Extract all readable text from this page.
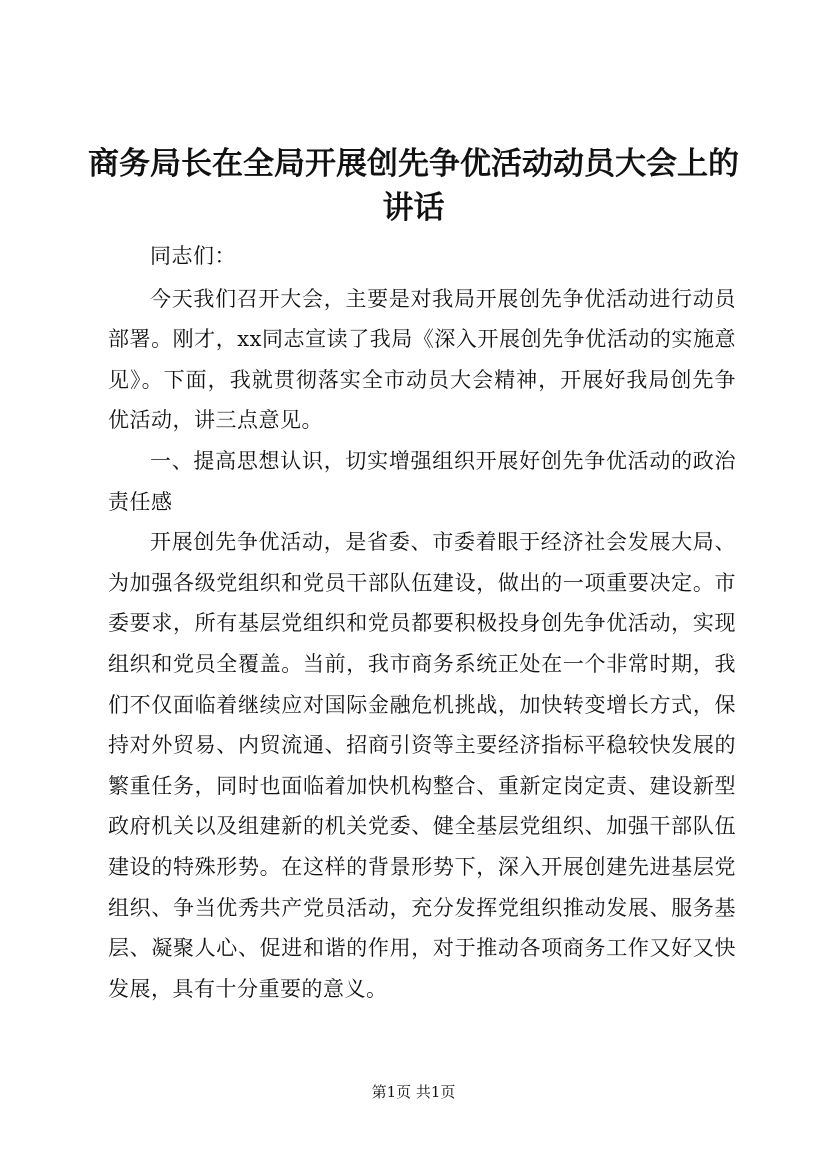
商务局长在全局开展创先争优活动动员大会上的讲话

同志们：

今天我们召开大会，主要是对我局开展创先争优活动进行动员部署。刚才，xx同志宣读了我局《深入开展创先争优活动的实施意见》。下面，我就贯彻落实全市动员大会精神，开展好我局创先争优活动，讲三点意见。

一、提高思想认识，切实增强组织开展好创先争优活动的政治责任感

开展创先争优活动，是省委、市委着眼于经济社会发展大局、为加强各级党组织和党员干部队伍建设，做出的一项重要决定。市委要求，所有基层党组织和党员都要积极投身创先争优活动，实现组织和党员全覆盖。当前，我市商务系统正处在一个非常时期，我们不仅面临着继续应对国际金融危机挑战，加快转变增长方式，保持对外贸易、内贸流通、招商引资等主要经济指标平稳较快发展的繁重任务，同时也面临着加快机构整合、重新定岗定责、建设新型政府机关以及组建新的机关党委、健全基层党组织、加强干部队伍建设的特殊形势。在这样的背景形势下，深入开展创建先进基层党组织、争当优秀共产党员活动，充分发挥党组织推动发展、服务基层、凝聚人心、促进和谐的作用，对于推动各项商务工作又好又快发展，具有十分重要的意义。

第1页 共1页
